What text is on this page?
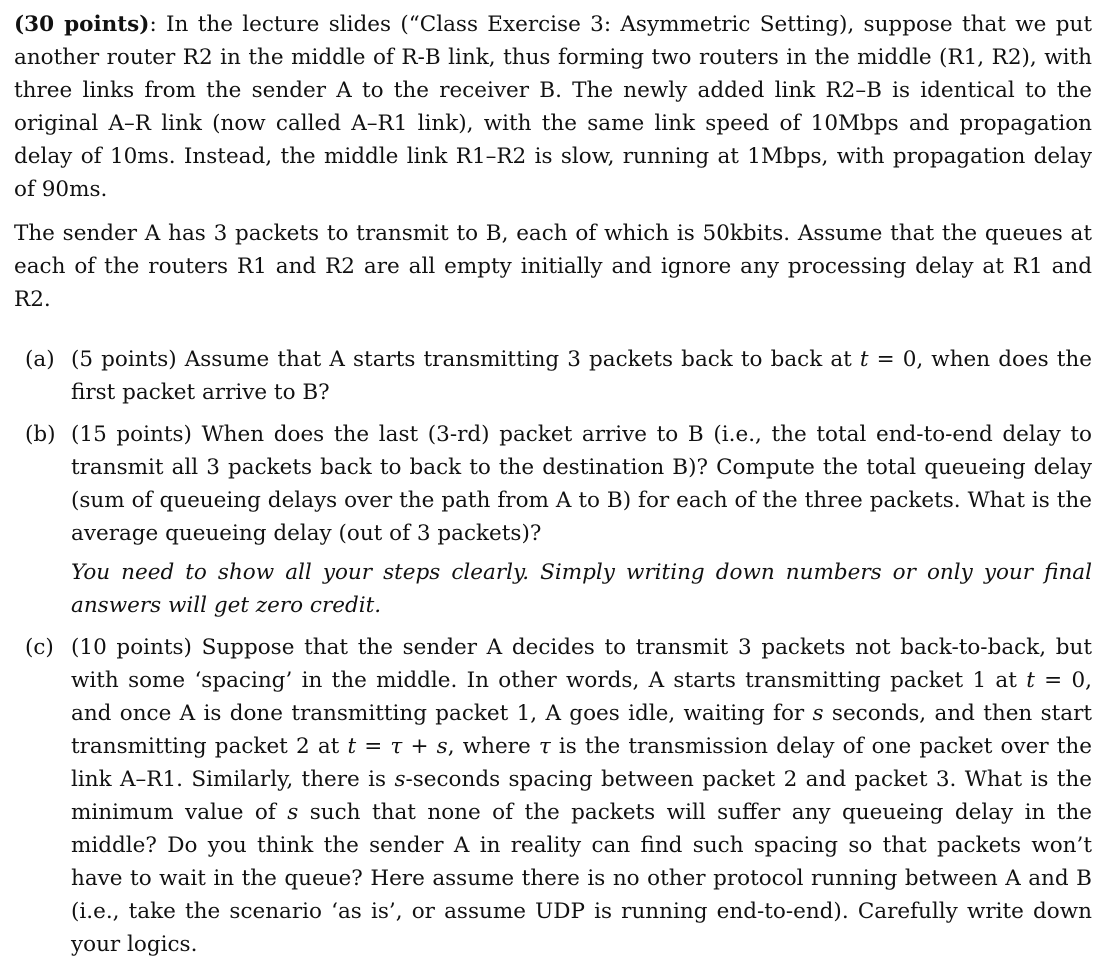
(30 points): In the lecture slides (“Class Exercise 3: Asymmetric Setting), suppose that we put another router R2 in the middle of R-B link, thus forming two routers in the middle (R1, R2), with three links from the sender A to the receiver B. The newly added link R2–B is identical to the original A–R link (now called A–R1 link), with the same link speed of 10Mbps and propagation delay of 10ms. Instead, the middle link R1–R2 is slow, running at 1Mbps, with propagation delay of 90ms.

The sender A has 3 packets to transmit to B, each of which is 50kbits. Assume that the queues at each of the routers R1 and R2 are all empty initially and ignore any processing delay at R1 and R2.

(a) (5 points) Assume that A starts transmitting 3 packets back to back at t = 0, when does the first packet arrive to B?
(b) (15 points) When does the last (3-rd) packet arrive to B (i.e., the total end-to-end delay to transmit all 3 packets back to back to the destination B)? Compute the total queueing delay (sum of queueing delays over the path from A to B) for each of the three packets. What is the average queueing delay (out of 3 packets)?
You need to show all your steps clearly. Simply writing down numbers or only your final answers will get zero credit.
(c) (10 points) Suppose that the sender A decides to transmit 3 packets not back-to-back, but with some ‘spacing’ in the middle. In other words, A starts transmitting packet 1 at t = 0, and once A is done transmitting packet 1, A goes idle, waiting for s seconds, and then start transmitting packet 2 at t = τ + s, where τ is the transmission delay of one packet over the link A–R1. Similarly, there is s-seconds spacing between packet 2 and packet 3. What is the minimum value of s such that none of the packets will suffer any queueing delay in the middle? Do you think the sender A in reality can find such spacing so that packets won’t have to wait in the queue? Here assume there is no other protocol running between A and B (i.e., take the scenario ‘as is’, or assume UDP is running end-to-end). Carefully write down your logics.
